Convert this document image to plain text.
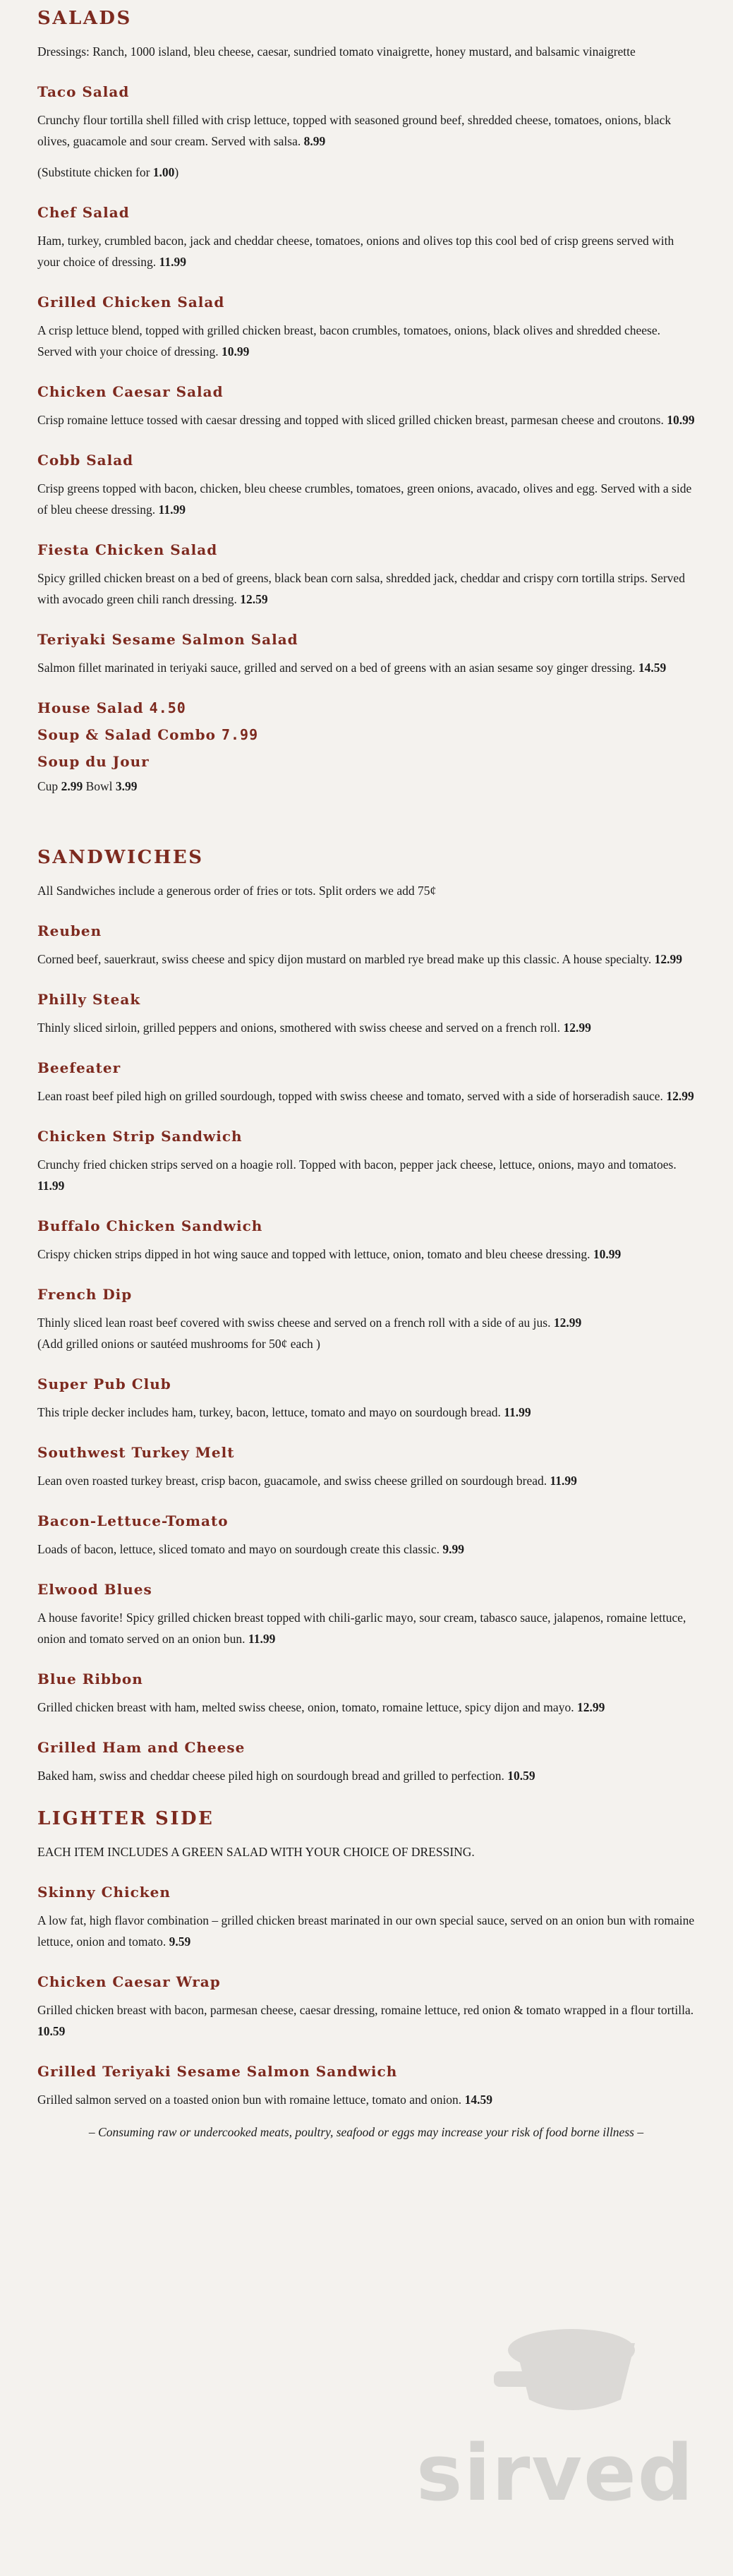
SALADS

Dressings: Ranch, 1000 island, bleu cheese, caesar, sundried tomato vinaigrette, honey mustard, and balsamic vinaigrette

Taco Salad

Crunchy flour tortilla shell filled with crisp lettuce, topped with seasoned ground beef, shredded cheese, tomatoes, onions, black olives, guacamole and sour cream. Served with salsa. 8.99

(Substitute chicken for 1.00)

Chef Salad

Ham, turkey, crumbled bacon, jack and cheddar cheese, tomatoes, onions and olives top this cool bed of crisp greens served with your choice of dressing. 11.99

Grilled Chicken Salad

A crisp lettuce blend, topped with grilled chicken breast, bacon crumbles, tomatoes, onions, black olives and shredded cheese. Served with your choice of dressing. 10.99

Chicken Caesar Salad

Crisp romaine lettuce tossed with caesar dressing and topped with sliced grilled chicken breast, parmesan cheese and croutons. 10.99

Cobb Salad

Crisp greens topped with bacon, chicken, bleu cheese crumbles, tomatoes, green onions, avacado, olives and egg. Served with a side of bleu cheese dressing. 11.99

Fiesta Chicken Salad

Spicy grilled chicken breast on a bed of greens, black bean corn salsa, shredded jack, cheddar and crispy corn tortilla strips. Served with avocado green chili ranch dressing. 12.59

Teriyaki Sesame Salmon Salad

Salmon fillet marinated in teriyaki sauce, grilled and served on a bed of greens with an asian sesame soy ginger dressing. 14.59

House Salad 4.50
Soup & Salad Combo 7.99
Soup du Jour

Cup 2.99 Bowl 3.99

SANDWICHES

All Sandwiches include a generous order of fries or tots. Split orders we add 75¢

Reuben

Corned beef, sauerkraut, swiss cheese and spicy dijon mustard on marbled rye bread make up this classic. A house specialty. 12.99

Philly Steak

Thinly sliced sirloin, grilled peppers and onions, smothered with swiss cheese and served on a french roll. 12.99

Beefeater

Lean roast beef piled high on grilled sourdough, topped with swiss cheese and tomato, served with a side of horseradish sauce. 12.99

Chicken Strip Sandwich

Crunchy fried chicken strips served on a hoagie roll. Topped with bacon, pepper jack cheese, lettuce, onions, mayo and tomatoes. 11.99

Buffalo Chicken Sandwich

Crispy chicken strips dipped in hot wing sauce and topped with lettuce, onion, tomato and bleu cheese dressing. 10.99

French Dip

Thinly sliced lean roast beef covered with swiss cheese and served on a french roll with a side of au jus. 12.99
(Add grilled onions or sautéed mushrooms for 50¢ each )

Super Pub Club

This triple decker includes ham, turkey, bacon, lettuce, tomato and mayo on sourdough bread. 11.99

Southwest Turkey Melt

Lean oven roasted turkey breast, crisp bacon, guacamole, and swiss cheese grilled on sourdough bread. 11.99

Bacon-Lettuce-Tomato

Loads of bacon, lettuce, sliced tomato and mayo on sourdough create this classic. 9.99

Elwood Blues

A house favorite! Spicy grilled chicken breast topped with chili-garlic mayo, sour cream, tabasco sauce, jalapenos, romaine lettuce, onion and tomato served on an onion bun. 11.99

Blue Ribbon

Grilled chicken breast with ham, melted swiss cheese, onion, tomato, romaine lettuce, spicy dijon and mayo. 12.99

Grilled Ham and Cheese

Baked ham, swiss and cheddar cheese piled high on sourdough bread and grilled to perfection. 10.59

LIGHTER SIDE

EACH ITEM INCLUDES A GREEN SALAD WITH YOUR CHOICE OF DRESSING.

Skinny Chicken

A low fat, high flavor combination – grilled chicken breast marinated in our own special sauce, served on an onion bun with romaine lettuce, onion and tomato. 9.59

Chicken Caesar Wrap

Grilled chicken breast with bacon, parmesan cheese, caesar dressing, romaine lettuce, red onion & tomato wrapped in a flour tortilla. 10.59

Grilled Teriyaki Sesame Salmon Sandwich

Grilled salmon served on a toasted onion bun with romaine lettuce, tomato and onion. 14.59

– Consuming raw or undercooked meats, poultry, seafood or eggs may increase your risk of food borne illness –

sirved
